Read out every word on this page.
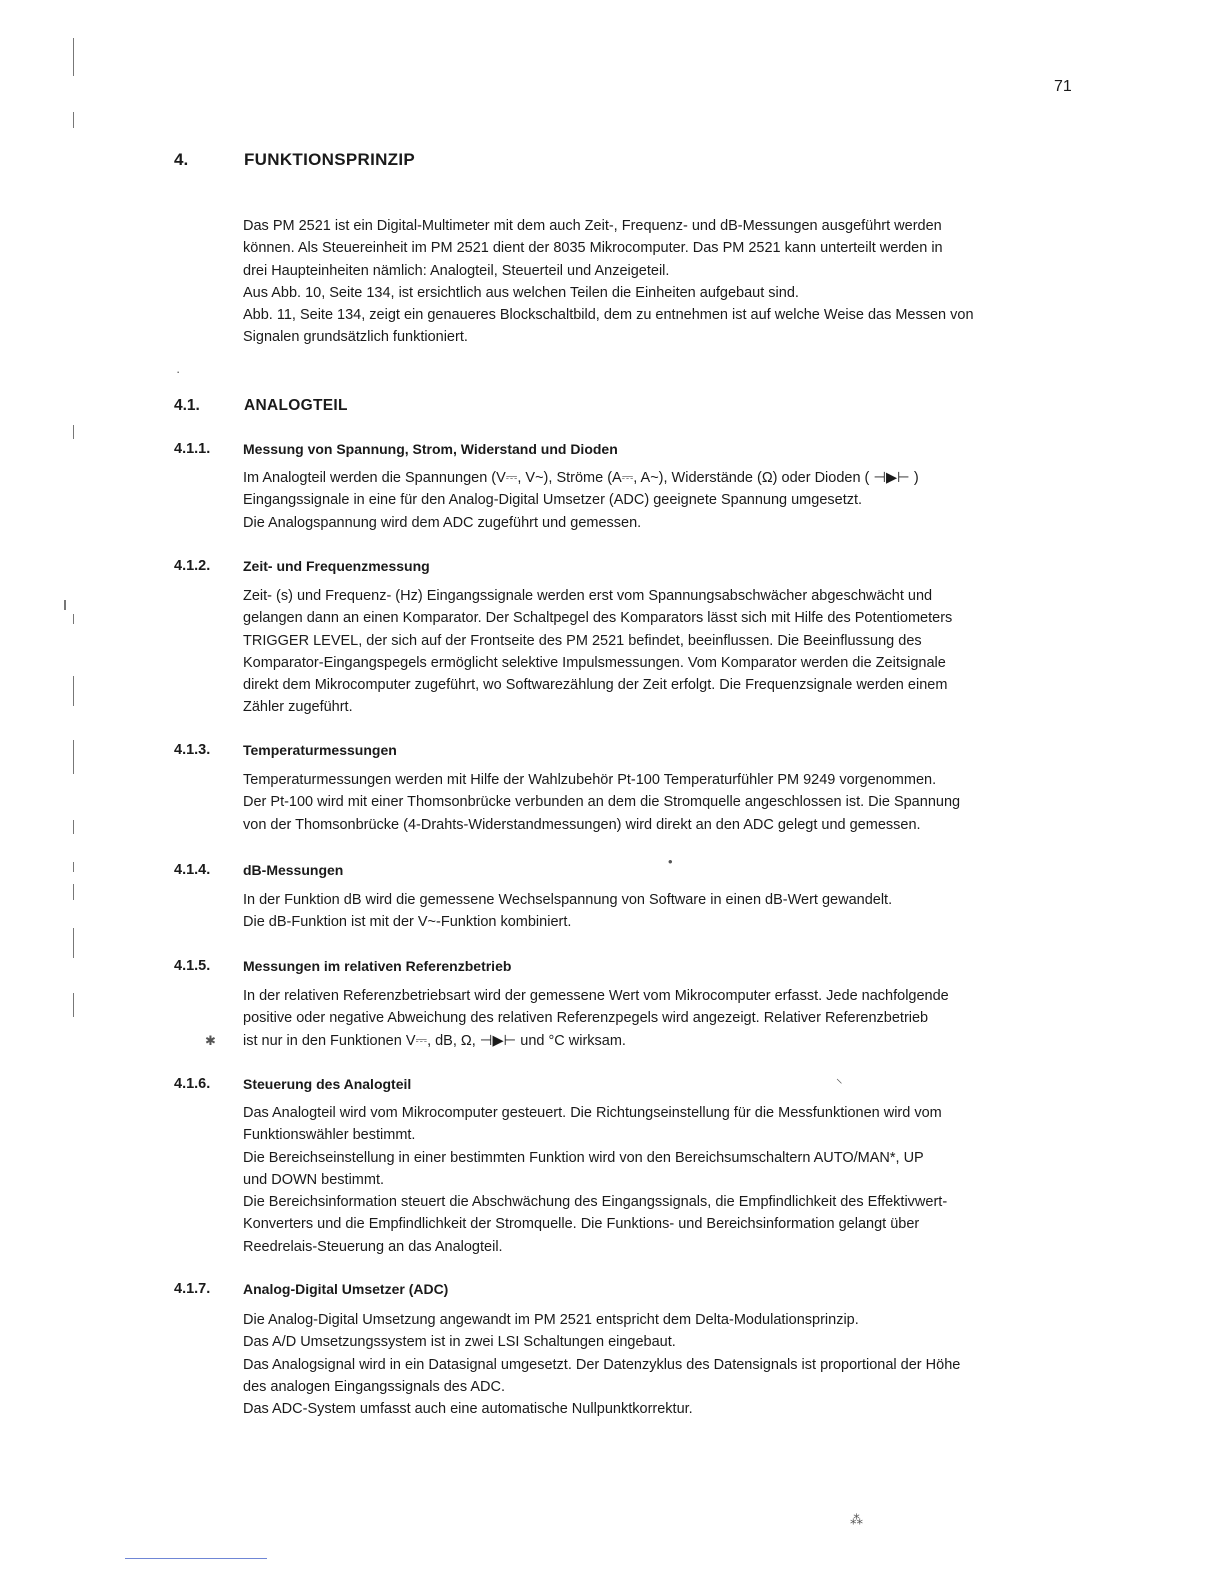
71
4.	FUNKTIONSPRINZIP

Das PM 2521 ist ein Digital-Multimeter mit dem auch Zeit-, Frequenz- und dB-Messungen ausgeführt werden

können. Als Steuereinheit im PM 2521 dient der 8035 Mikrocomputer. Das PM 2521 kann unterteilt werden in

drei Haupteinheiten nämlich: Analogteil, Steuerteil und Anzeigeteil.

Aus Abb. 10, Seite 134, ist ersichtlich aus welchen Teilen die Einheiten aufgebaut sind.

Abb. 11, Seite 134, zeigt ein genaueres Blockschaltbild, dem zu entnehmen ist auf welche Weise das Messen von

Signalen grundsätzlich funktioniert.

4.1.	ANALOGTEIL
4.1.1. Messung von Spannung, Strom, Widerstand und Dioden

Im Analogteil werden die Spannungen (V⎓, V~), Ströme (A⎓, A~), Widerstände (Ω) oder Dioden ( ⊣▶⊢ )

Eingangssignale in eine für den Analog-Digital Umsetzer (ADC) geeignete Spannung umgesetzt.

Die Analogspannung wird dem ADC zugeführt und gemessen.

4.1.2. Zeit- und Frequenzmessung

Zeit- (s) und Frequenz- (Hz) Eingangssignale werden erst vom Spannungsabschwächer abgeschwächt und

gelangen dann an einen Komparator. Der Schaltpegel des Komparators lässt sich mit Hilfe des Potentiometers

TRIGGER LEVEL, der sich auf der Frontseite des PM 2521 befindet, beeinflussen. Die Beeinflussung des

Komparator-Eingangspegels ermöglicht selektive Impulsmessungen. Vom Komparator werden die Zeitsignale

direkt dem Mikrocomputer zugeführt, wo Softwarezählung der Zeit erfolgt. Die Frequenzsignale werden einem

Zähler zugeführt.

4.1.3. Temperaturmessungen

Temperaturmessungen werden mit Hilfe der Wahlzubehör Pt-100 Temperaturfühler PM 9249 vorgenommen.

Der Pt-100 wird mit einer Thomsonbrücke verbunden an dem die Stromquelle angeschlossen ist. Die Spannung

von der Thomsonbrücke (4-Drahts-Widerstandmessungen) wird direkt an den ADC gelegt und gemessen.

4.1.4. dB-Messungen

In der Funktion dB wird die gemessene Wechselspannung von Software in einen dB-Wert gewandelt.

Die dB-Funktion ist mit der V~-Funktion kombiniert.

4.1.5. Messungen im relativen Referenzbetrieb

In der relativen Referenzbetriebsart wird der gemessene Wert vom Mikrocomputer erfasst. Jede nachfolgende

positive oder negative Abweichung des relativen Referenzpegels wird angezeigt. Relativer Referenzbetrieb

ist nur in den Funktionen V⎓, dB, Ω, ⊣▶⊢ und °C wirksam.

4.1.6. Steuerung des Analogteil

Das Analogteil wird vom Mikrocomputer gesteuert. Die Richtungseinstellung für die Messfunktionen wird vom

Funktionswähler bestimmt.

Die Bereichseinstellung in einer bestimmten Funktion wird von den Bereichsumschaltern AUTO/MAN*, UP

und DOWN bestimmt.

Die Bereichsinformation steuert die Abschwächung des Eingangssignals, die Empfindlichkeit des Effektivwert-

Konverters und die Empfindlichkeit der Stromquelle. Die Funktions- und Bereichsinformation gelangt über

Reedrelais-Steuerung an das Analogteil.

4.1.7. Analog-Digital Umsetzer (ADC)

Die Analog-Digital Umsetzung angewandt im PM 2521 entspricht dem Delta-Modulationsprinzip.

Das A/D Umsetzungssystem ist in zwei LSI Schaltungen eingebaut.

Das Analogsignal wird in ein Datasignal umgesetzt. Der Datenzyklus des Datensignals ist proportional der Höhe

des analogen Eingangssignals des ADC.

Das ADC-System umfasst auch eine automatische Nullpunktkorrektur.

·
✱
⸌
•
⁂
